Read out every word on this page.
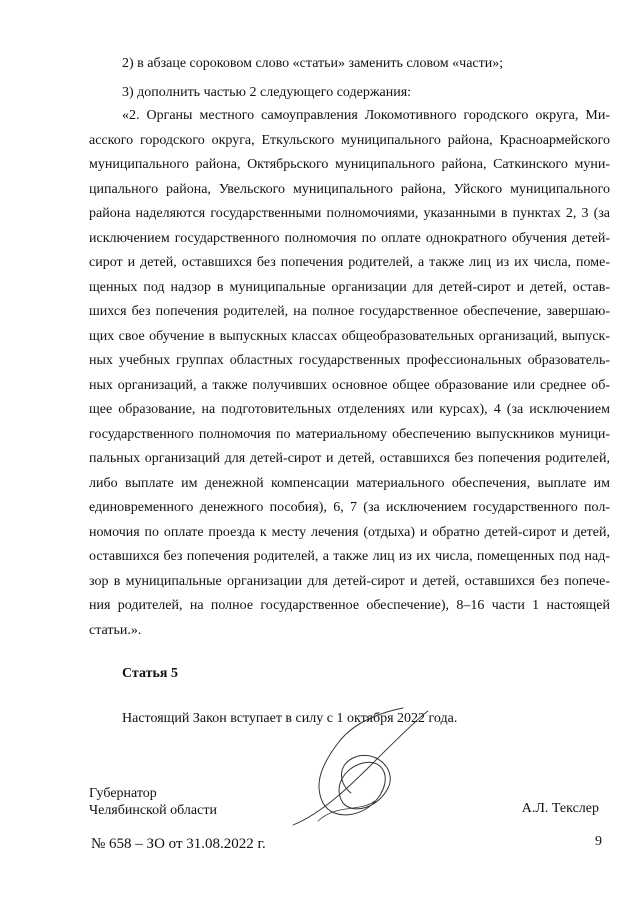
2) в абзаце сороковом слово «статьи» заменить словом «части»;
3) дополнить частью 2 следующего содержания:
«2. Органы местного самоуправления Локомотивного городского округа, Ми-
асского городского округа, Еткульского муниципального района, Красноармейского
муниципального района, Октябрьского муниципального района, Саткинского муни-
ципального района, Увельского муниципального района, Уйского муниципального
района наделяются государственными полномочиями, указанными в пунктах 2, 3 (за
исключением государственного полномочия по оплате однократного обучения детей-
сирот и детей, оставшихся без попечения родителей, а также лиц из их числа, поме-
щенных под надзор в муниципальные организации для детей-сирот и детей, остав-
шихся без попечения родителей, на полное государственное обеспечение, завершаю-
щих свое обучение в выпускных классах общеобразовательных организаций, выпуск-
ных учебных группах областных государственных профессиональных образователь-
ных организаций, а также получивших основное общее образование или среднее об-
щее образование, на подготовительных отделениях или курсах), 4 (за исключением
государственного полномочия по материальному обеспечению выпускников муници-
пальных организаций для детей-сирот и детей, оставшихся без попечения родителей,
либо выплате им денежной компенсации материального обеспечения, выплате им
единовременного денежного пособия), 6, 7 (за исключением государственного пол-
номочия по оплате проезда к месту лечения (отдыха) и обратно детей-сирот и детей,
оставшихся без попечения родителей, а также лиц из их числа, помещенных под над-
зор в муниципальные организации для детей-сирот и детей, оставшихся без попече-
ния родителей, на полное государственное обеспечение), 8–16 части 1 настоящей
статьи.».
Статья 5
Настоящий Закон вступает в силу с 1 октября 2022 года.
Губернатор
Челябинской области	А.Л. Текслер
№ 658 – ЗО от 31.08.2022 г.	9
